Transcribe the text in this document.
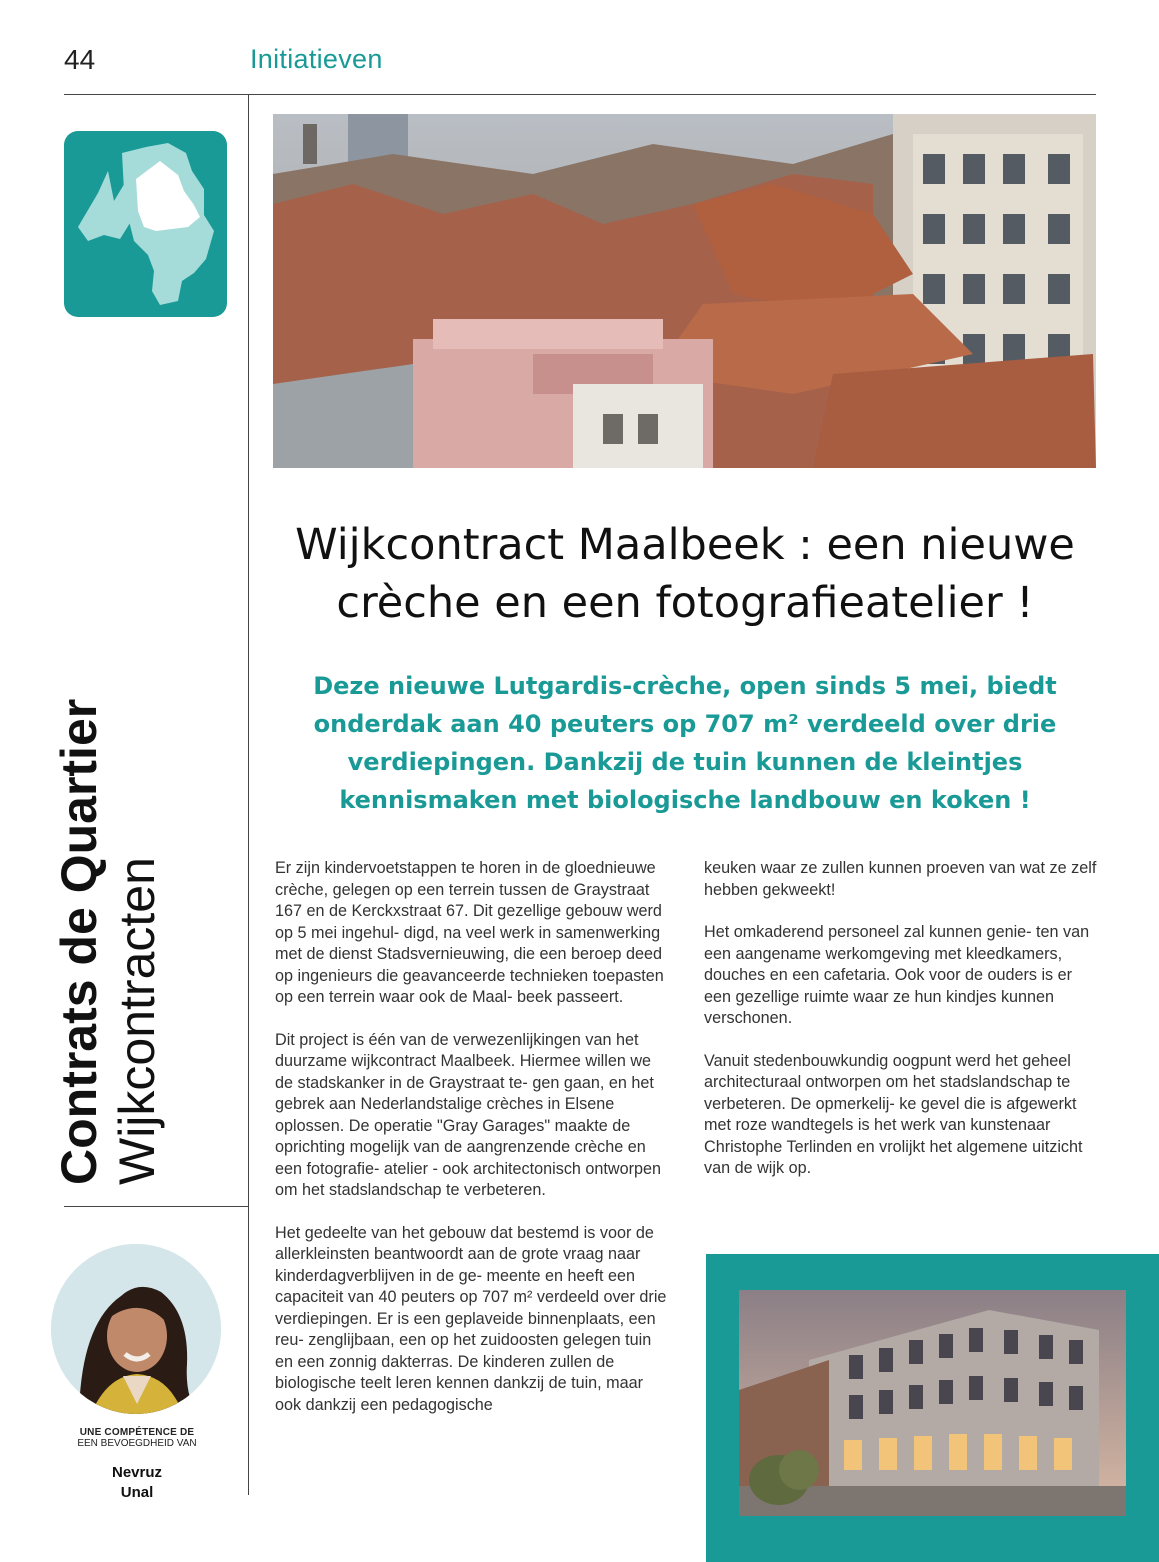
44	Initiatieven
Contrats de Quartier Wijkcontracten
UNE COMPÉTENCE DE
EEN BEVOEGDHEID VAN
Nevruz
Unal
Wijkcontract Maalbeek : een nieuwe
crèche en een fotografieatelier !
Deze nieuwe Lutgardis-crèche, open sinds 5 mei, biedt onderdak aan 40 peuters op 707 m² verdeeld over drie verdiepingen. Dankzij de tuin kunnen de kleintjes kennismaken met biologische landbouw en koken !

Er zijn kindervoetstappen te horen in de gloednieuwe crèche, gelegen op een terrein tussen de Graystraat 167 en de Kerckxstraat 67. Dit gezellige gebouw werd op 5 mei ingehul- digd, na veel werk in samenwerking met de dienst Stadsvernieuwing, die een beroep deed op ingenieurs die geavanceerde technieken toepasten op een terrein waar ook de Maal- beek passeert.

Dit project is één van de verwezenlijkingen van het duurzame wijkcontract Maalbeek. Hiermee willen we de stadskanker in de Graystraat te- gen gaan, en het gebrek aan Nederlandstalige crèches in Elsene oplossen. De operatie "Gray Garages" maakte de oprichting mogelijk van de aangrenzende crèche en een fotografie- atelier - ook architectonisch ontworpen om het stadslandschap te verbeteren.

Het gedeelte van het gebouw dat bestemd is voor de allerkleinsten beantwoordt aan de grote vraag naar kinderdagverblijven in de ge- meente en heeft een capaciteit van 40 peuters op 707 m² verdeeld over drie verdiepingen. Er is een geplaveide binnenplaats, een reu- zenglijbaan, een op het zuidoosten gelegen tuin en een zonnig dakterras. De kinderen zullen de biologische teelt leren kennen dankzij de tuin, maar ook dankzij een pedagogische

keuken waar ze zullen kunnen proeven van wat ze zelf hebben gekweekt!

Het omkaderend personeel zal kunnen genie- ten van een aangename werkomgeving met kleedkamers, douches en een cafetaria. Ook voor de ouders is er een gezellige ruimte waar ze hun kindjes kunnen verschonen.

Vanuit stedenbouwkundig oogpunt werd het geheel architecturaal ontworpen om het stadslandschap te verbeteren. De opmerkelij- ke gevel die is afgewerkt met roze wandtegels is het werk van kunstenaar Christophe Terlinden en vrolijkt het algemene uitzicht van de wijk op.
